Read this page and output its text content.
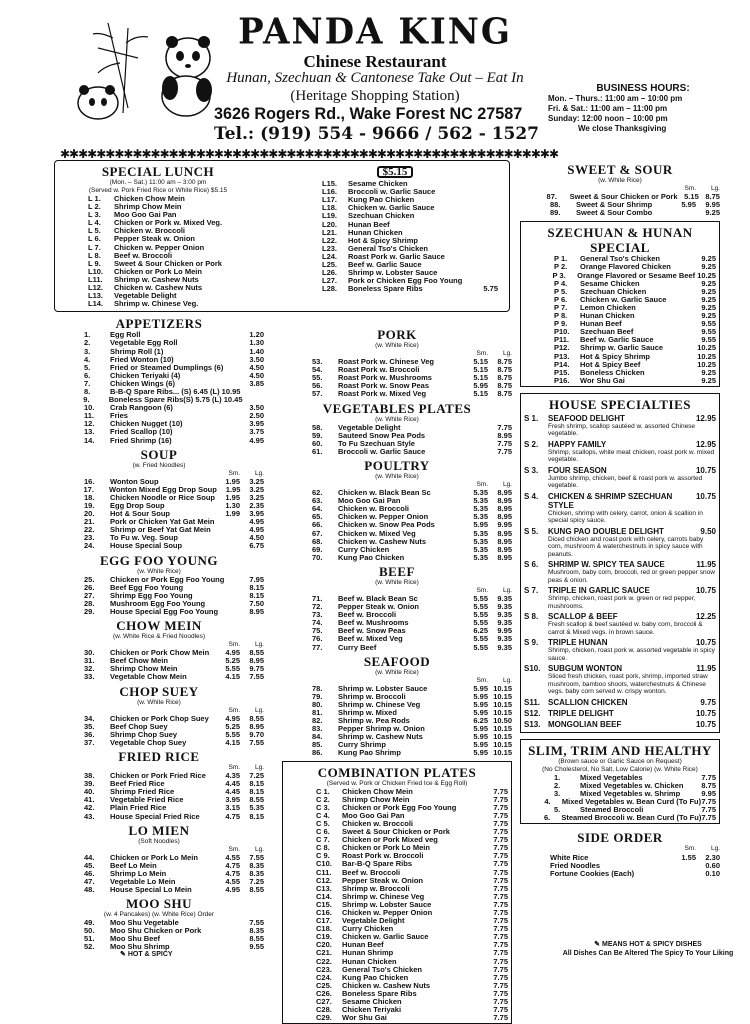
PANDA KING
Chinese Restaurant
Hunan, Szechuan & Cantonese Take Out – Eat In
(Heritage Shopping Station)
3626 Rogers Rd., Wake Forest NC 27587
Tel.: (919) 554 - 9666 / 562 - 1527
BUSINESS HOURS:
Mon. – Thurs.: 11:00 am – 10:00 pm
Fri. & Sat.: 11:00 am – 11:00 pm
Sunday: 12:00 noon – 10:00 pm
We close Thanksgiving
✱✱✱✱✱✱✱✱✱✱✱✱✱✱✱✱✱✱✱✱✱✱✱✱✱✱✱✱✱✱✱✱✱✱✱✱✱✱✱✱✱✱✱✱✱✱✱✱✱✱✱✱✱✱✱
SPECIAL LUNCH
(Mon. – Sat.) 11:00 am – 3:00 pm
(Served w. Pork Fried Rice or White Rice) $5.15
L 1.	Chicken Chow Mein
L 2.	Shrimp Chow Mein
L 3.	Moo Goo Gai Pan
L 4.	Chicken or Pork w. Mixed Veg.
L 5.	Chicken w. Broccoli
L 6.	Pepper Steak w. Onion
L 7.	Chicken w. Pepper Onion
L 8.	Beef w. Broccoli
L 9.	Sweet & Sour Chicken or Pork
L10.	Chicken or Pork Lo Mein
L11.	Shrimp w. Cashew Nuts
L12.	Chicken w. Cashew Nuts
L13.	Vegetable Delight
L14.	Shrimp w. Chinese Veg.
$5.15
L15.	Sesame Chicken
L16.	Broccoli w. Garlic Sauce
L17.	Kung Pao Chicken
L18.	Chicken w. Garlic Sauce
L19.	Szechuan Chicken
L20.	Hunan Beef
L21.	Hunan Chicken
L22.	Hot & Spicy Shrimp
L23.	General Tso's Chicken
L24.	Roast Pork w. Garlic Sauce
L25.	Beef w. Garlic Sauce
L26.	Shrimp w. Lobster Sauce
L27.	Pork or Chicken Egg Foo Young
L28.	Boneless Spare Ribs	5.75
APPETIZERS
1.	Egg Roll	1.20
2.	Vegetable Egg Roll	1.30
3.	Shrimp Roll (1)	1.40
4.	Fried Wonton (10)	3.50
5.	Fried or Steamed Dumplings (6)	4.50
6.	Chicken Teriyaki (4)	4.50
7.	Chicken Wings (6)	3.85
8.	B-B-Q Spare Ribs... (S) 6.45 (L) 10.95
9.	Boneless Spare Ribs(S) 5.75 (L) 10.45
10.	Crab Rangoon (6)	3.50
11.	Fries	2.50
12.	Chicken Nugget (10)	3.95
13.	Fried Scallop (10)	3.75
14.	Fried Shrimp (16)	4.95
SOUP
(w. Fried Noodles)
Sm.	Lg.
16.	Wonton Soup	1.95	3.25
17.	Wonton Mixed Egg Drop Soup	1.95	3.25
18.	Chicken Noodle or Rice Soup	1.95	3.25
19.	Egg Drop Soup	1.30	2.35
20.	Hot & Sour Soup	1.99	3.95
21.	Pork or Chicken Yat Gat Mein	4.95
22.	Shrimp or Beef Yat Gat Mein	4.95
23.	To Fu w. Veg. Soup	4.50
24.	House Special Soup	6.75
EGG FOO YOUNG
(w. White Rice)
25.	Chicken or Pork Egg Foo Young	7.95
26.	Beef Egg Foo Young	8.15
27.	Shrimp Egg Foo Young	8.15
28.	Mushroom Egg Foo Young	7.50
29.	House Special Egg Foo Young	8.95
CHOW MEIN
(w. White Rice & Fried Noodles)
Sm.	Lg.
30.	Chicken or Pork Chow Mein	4.95	8.55
31.	Beef Chow Mein	5.25	8.95
32.	Shrimp Chow Mein	5.55	9.75
33.	Vegetable Chow Mein	4.15	7.55
CHOP SUEY
(w. White Rice)
Sm.	Lg.
34.	Chicken or Pork Chop Suey	4.95	8.55
35.	Beef Chop Suey	5.25	8.95
36.	Shrimp Chop Suey	5.55	9.70
37.	Vegetable Chop Suey	4.15	7.55
FRIED RICE
Sm.	Lg.
38.	Chicken or Pork Fried Rice	4.35	7.25
39.	Beef Fried Rice	4.45	8.15
40.	Shrimp Fried Rice	4.45	8.15
41.	Vegetable Fried Rice	3.95	8.55
42.	Plain Fried Rice	3.15	5.35
43.	House Special Fried Rice	4.75	8.15
LO MIEN
(Soft Noodles)
Sm.	Lg.
44.	Chicken or Pork Lo Mein	4.55	7.55
45.	Beef Lo Mein	4.75	8.35
46.	Shrimp Lo Mein	4.75	8.35
47.	Vegetable Lo Mein	4.55	7.25
48.	House Special Lo Mein	4.95	8.55
MOO SHU
(w. 4 Pancakes) (w. White Rice) Order
49.	Moo Shu Vegetable	7.55
50.	Moo Shu Chicken or Pork	8.35
51.	Moo Shu Beef	8.55
52.	Moo Shu Shrimp	9.55
PORK
(w. White Rice)
Sm.	Lg.
53.	Roast Pork w. Chinese Veg	5.15	8.75
54.	Roast Pork w. Broccoli	5.15	8.75
55.	Roast Pork w. Mushrooms	5.15	8.75
56.	Roast Pork w. Snow Peas	5.95	8.75
57.	Roast Pork w. Mixed Veg	5.15	8.75
VEGETABLES PLATES
(w. White Rice)
58.	Vegetable Delight	7.75
59.	Sauteed Snow Pea Pods	8.95
60.	To Fu Szechuan Style	7.75
61.	Broccoli w. Garlic Sauce	7.75
POULTRY
(w. White Rice)
Sm.	Lg.
62.	Chicken w. Black Bean Sc	5.35	8.95
63.	Moo Goo Gai Pan	5.35	8.95
64.	Chicken w. Broccoli	5.35	8.95
65.	Chicken w. Pepper Onion	5.35	8.95
66.	Chicken w. Snow Pea Pods	5.95	9.95
67.	Chicken w. Mixed Veg	5.35	8.95
68.	Chicken w. Cashew Nuts	5.35	8.95
69.	Curry Chicken	5.35	8.95
70.	Kung Pao Chicken	5.35	8.95
BEEF
(w. White Rice)
Sm.	Lg.
71.	Beef w. Black Bean Sc	5.55	9.35
72.	Pepper Steak w. Onion	5.55	9.35
73.	Beef w. Broccoli	5.55	9.35
74.	Beef w. Mushrooms	5.55	9.35
75.	Beef w. Snow Peas	6.25	9.95
76.	Beef w. Mixed Veg	5.55	9.35
77.	Curry Beef	5.55	9.35
SEAFOOD
(w. White Rice)
Sm.	Lg.
78.	Shrimp w. Lobster Sauce	5.95 10.15
79.	Shrimp w. Broccoli	5.95 10.15
80.	Shrimp w. Chinese Veg	5.95 10.15
81.	Shrimp w. Mixed	5.95 10.15
82.	Shrimp w. Pea Rods	6.25 10.50
83.	Pepper Shrimp w. Onion	5.95 10.15
84.	Shrimp w. Cashew Nuts	5.95 10.15
85.	Curry Shrimp	5.95 10.15
86.	Kung Pao Shrimp	5.95 10.15
COMBINATION PLATES
(Served w. Pork or Chicken Fried Ice & Egg Roll)
C 1.	Chicken Chow Mein	7.75
C 2.	Shrimp Chow Mein	7.75
C 3.	Chicken or Pork Egg Foo Young	7.75
C 4.	Moo Goo Gai Pan	7.75
C 5.	Chicken w. Broccoli	7.75
C 6.	Sweet & Sour Chicken or Pork	7.75
C 7.	Chicken or Pork Mixed veg	7.75
C 8.	Chicken or Pork Lo Mein	7.75
C 9.	Roast Pork w. Broccoli	7.75
C10.	Bar-B-Q Spare Ribs	7.75
C11.	Beef w. Broccoli	7.75
C12.	Pepper Steak w. Onion	7.75
C13.	Shrimp w. Broccoli	7.75
C14.	Shrimp w. Chinese Veg	7.75
C15.	Shrimp w. Lobster Sauce	7.75
C16.	Chicken w. Pepper Onion	7.75
C17.	Vegetable Delight	7.75
C18.	Curry Chicken	7.75
C19.	Chicken w. Garlic Sauce	7.75
C20.	Hunan Beef	7.75
C21.	Hunan Shrimp	7.75
C22.	Hunan Chicken	7.75
C23.	General Tso's Chicken	7.75
C24.	Kung Pao Chicken	7.75
C25.	Chicken w. Cashew Nuts	7.75
C26.	Boneless Spare Ribs	7.75
C27.	Sesame Chicken	7.75
C28.	Chicken Teriyaki	7.75
C29.	Wor Shu Gai	7.75
SWEET & SOUR
(w. White Rice)
Sm.	Lg.
87.	Sweet & Sour Chicken or Pork 5.15 8.75
88.	Sweet & Sour Shrimp	5.95	9.95
89.	Sweet & Sour Combo	9.25
SZECHUAN & HUNAN SPECIAL
P 1.	General Tso's Chicken	9.25
P 2.	Orange Flavored Chicken	9.25
P 3.	Orange Flavored or Sesame Beef 10.25
P 4.	Sesame Chicken	9.25
P 5.	Szechuan Chicken	9.25
P 6.	Chicken w. Garlic Sauce	9.25
P 7.	Lemon Chicken	9.25
P 8.	Hunan Chicken	9.25
P 9.	Hunan Beef	9.55
P10.	Szechuan Beef	9.55
P11.	Beef w. Garlic Sauce	9.55
P12.	Shrimp w. Garlic Sauce	10.25
P13.	Hot & Spicy Shrimp	10.25
P14.	Hot & Spicy Beef	10.25
P15.	Boneless Chicken	9.25
P16.	Wor Shu Gai	9.25
HOUSE SPECIALTIES
S 1.	SEAFOOD DELIGHT	12.95
Fresh shrimp, scallop sautéed w. assorted Chinese vegetable.
S 2.	HAPPY FAMILY	12.95
Shrimp, scallops, white meat chicken, roast pork w. mixed vegetable.
S 3.	FOUR SEASON	10.75
Jumbo shrimp, chicken, beef & roast pork w. assorted vegetable.
S 4.	CHICKEN & SHRIMP SZECHUAN STYLE
10.75
Chicken, shrimp with celery, carrot, onion & scallion in special spicy sauce.
S 5.	KUNG PAO DOUBLE DELIGHT	9.50
Diced chicken and roast pork with celery, carrots baby corn, mushroom & waterchestnuts in spicy sauce with peanuts.
S 6.	SHRIMP W. SPICY TEA SAUCE	11.95
Mushroom, baby corn, broccoli, red or green pepper snow peas & onion.
S 7.	TRIPLE IN GARLIC SAUCE	10.75
Shrimp, chicken, roast pork w. green or red pepper, mushrooms.
S 8.	SCALLOP & BEEF	12.25
Fresh scallop & beef sautéed w. baby corn, broccoli & carrot & Mixed vegs. in brown sauce.
S 9.	TRIPLE HUNAN	10.75
Shrimp, chicken, roast pork w. assorted vegetable in spicy sauce.
S10. SUBGUM WONTON	11.95
Sliced fresh chicken, roast pork, shrimp, imported straw mushroom, bamboo shoots, waterchestnuts & Chinese vegs. baby corn served w. crispy wonton.
S11. SCALLION CHICKEN	9.75
S12. TRIPLE DELIGHT	10.75
S13. MONGOLIAN BEEF	10.75
SLIM, TRIM AND HEALTHY
(Brown sauce or Garlic Sauce on Request)
(No Cholesterol, No Salt, Low Calorie) (w. White Rice)
1.	Mixed Vegetables	7.75
2.	Mixed Vegetables w. Chicken	8.75
3.	Mixed Vegetables w. Shrimp	9.95
4.	Mixed Vegetables w. Bean Curd (To Fu) 7.75
5.	Steamed Broccoli	7.75
6.	Steamed Broccoli w. Bean Curd (To Fu) 7.75
SIDE ORDER
Sm.	Lg.
White Rice	1.55	2.30
Fried Noodles	0.60
Fortune Cookies (Each)	0.10
✎ MEANS HOT & SPICY DISHES
All Dishes Can Be Altered The Spicy To Your Liking
✎ HOT & SPICY
